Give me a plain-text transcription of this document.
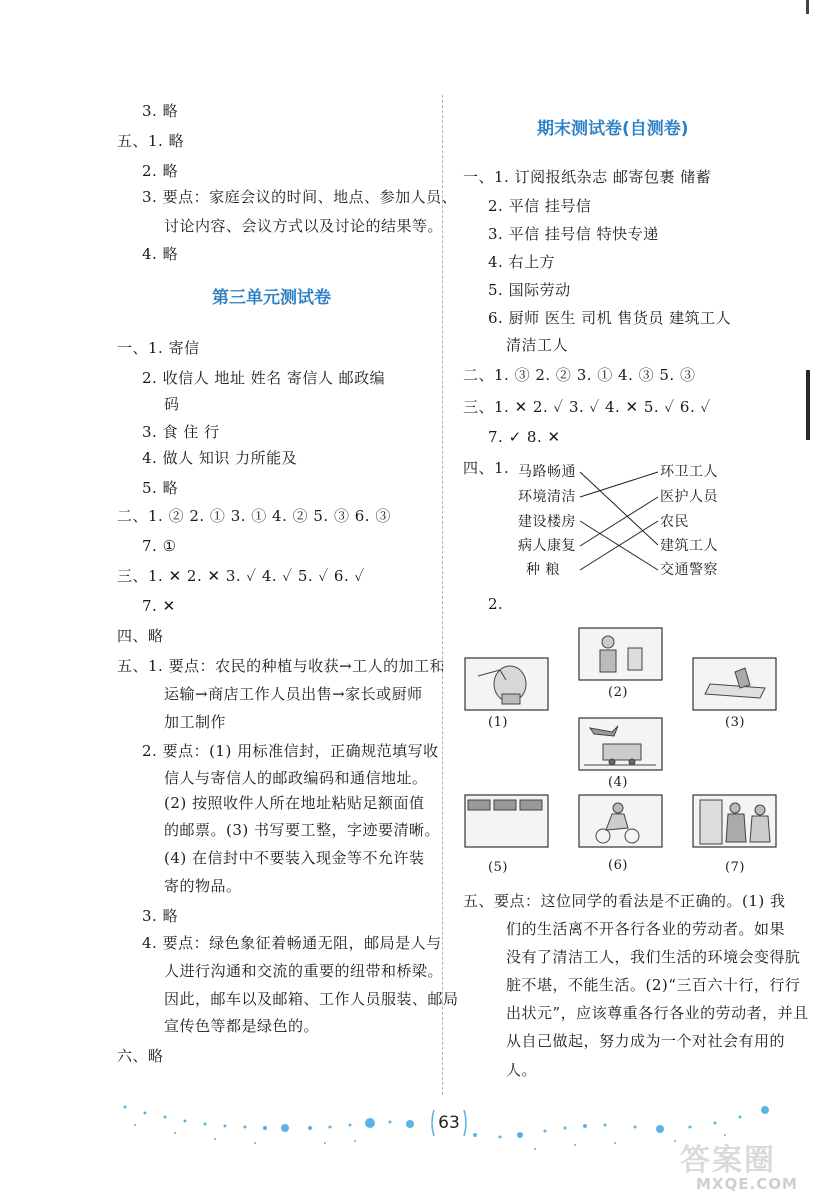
3. 略
五、1. 略
2. 略
3. 要点：家庭会议的时间、地点、参加人员、
讨论内容、会议方式以及讨论的结果等。
4. 略
第三单元测试卷
一、1. 寄信
2. 收信人 地址 姓名 寄信人 邮政编
码
3. 食 住 行
4. 做人 知识 力所能及
5. 略
二、1. ② 2. ① 3. ① 4. ② 5. ③ 6. ③
7. ①
三、1. ✕ 2. ✕ 3. ✓ 4. ✓ 5. ✓ 6. ✓
7. ✕
四、略
五、1. 要点：农民的种植与收获→工人的加工和
运输→商店工作人员出售→家长或厨师
加工制作
2. 要点：(1) 用标准信封，正确规范填写收
信人与寄信人的邮政编码和通信地址。
(2) 按照收件人所在地址粘贴足额面值
的邮票。(3) 书写要工整，字迹要清晰。
(4) 在信封中不要装入现金等不允许装
寄的物品。
3. 略
4. 要点：绿色象征着畅通无阻，邮局是人与
人进行沟通和交流的重要的纽带和桥梁。
因此，邮车以及邮箱、工作人员服装、邮局
宣传色等都是绿色的。
六、略
期末测试卷(自测卷)
一、1. 订阅报纸杂志 邮寄包裹 储蓄
2. 平信 挂号信
3. 平信 挂号信 特快专递
4. 右上方
5. 国际劳动
6. 厨师 医生 司机 售货员 建筑工人
清洁工人
二、1. ③ 2. ② 3. ① 4. ③ 5. ③
三、1. ✕ 2. ✓ 3. ✓ 4. ✕ 5. ✓ 6. ✓
7. ✓ 8. ✕
四、1. 马路畅通
环境清洁
建设楼房
病人康复
种 粮
环卫工人
医护人员
农民
建筑工人
交通警察
2.
(1)
(2)
(3)
(4)
(5)	(6)	(7)
五、要点：这位同学的看法是不正确的。(1) 我
们的生活离不开各行各业的劳动者。如果
没有了清洁工人，我们生活的环境会变得肮
脏不堪，不能生活。(2)“三百六十行，行行
出状元”，应该尊重各行各业的劳动者，并且
从自己做起，努力成为一个对社会有用的
人。
63
答案圈
MXQE.COM
